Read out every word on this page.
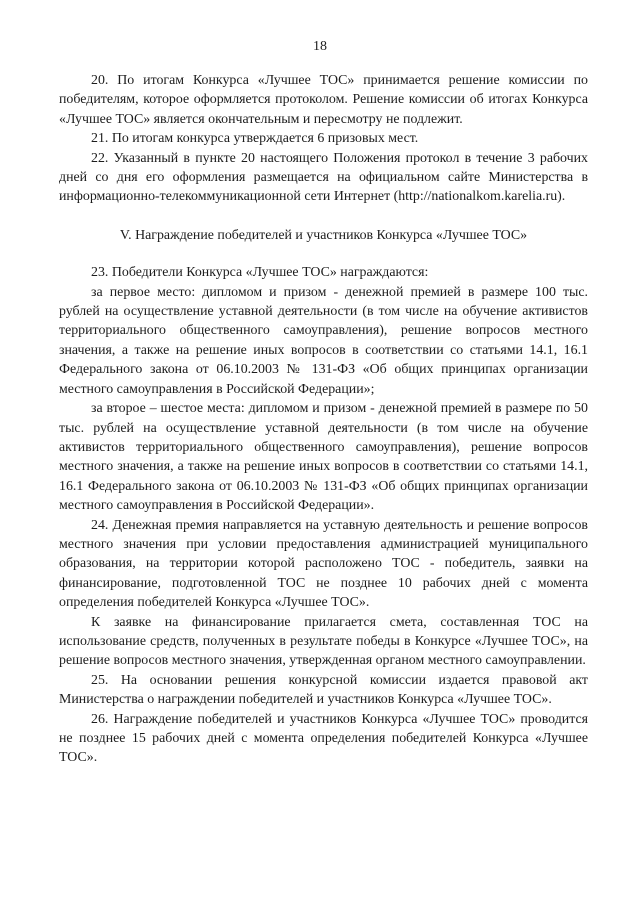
18

20. По итогам Конкурса «Лучшее ТОС» принимается решение комиссии по победителям, которое оформляется протоколом. Решение комиссии об итогах Конкурса «Лучшее ТОС» является окончательным и пересмотру не подлежит.

21. По итогам конкурса утверждается 6 призовых мест.

22. Указанный в пункте 20 настоящего Положения протокол в течение 3 рабочих дней со дня его оформления размещается на официальном сайте Министерства в информационно-телекоммуникационной сети Интернет (http://nationalkom.karelia.ru).

V. Награждение победителей и участников Конкурса «Лучшее ТОС»

23. Победители Конкурса «Лучшее ТОС» награждаются:

за первое место: дипломом и призом - денежной премией в размере 100 тыс. рублей на осуществление уставной деятельности (в том числе на обучение активистов территориального общественного самоуправления), решение вопросов местного значения, а также на решение иных вопросов в соответствии со статьями 14.1, 16.1 Федерального закона от 06.10.2003 № 131-ФЗ «Об общих принципах организации местного самоуправления в Российской Федерации»;

за второе – шестое места: дипломом и призом - денежной премией в размере по 50 тыс. рублей на осуществление уставной деятельности (в том числе на обучение активистов территориального общественного самоуправления), решение вопросов местного значения, а также на решение иных вопросов в соответствии со статьями 14.1, 16.1 Федерального закона от 06.10.2003 № 131-ФЗ «Об общих принципах организации местного самоуправления в Российской Федерации».

24. Денежная премия направляется на уставную деятельность и решение вопросов местного значения при условии предоставления администрацией муниципального образования, на территории которой расположено ТОС - победитель, заявки на финансирование, подготовленной ТОС не позднее 10 рабочих дней с момента определения победителей Конкурса «Лучшее ТОС».

К заявке на финансирование прилагается смета, составленная ТОС на использование средств, полученных в результате победы в Конкурсе «Лучшее ТОС», на решение вопросов местного значения, утвержденная органом местного самоуправлении.

25. На основании решения конкурсной комиссии издается правовой акт Министерства о награждении победителей и участников Конкурса «Лучшее ТОС».

26. Награждение победителей и участников Конкурса «Лучшее ТОС» проводится не позднее 15 рабочих дней с момента определения победителей Конкурса «Лучшее ТОС».
